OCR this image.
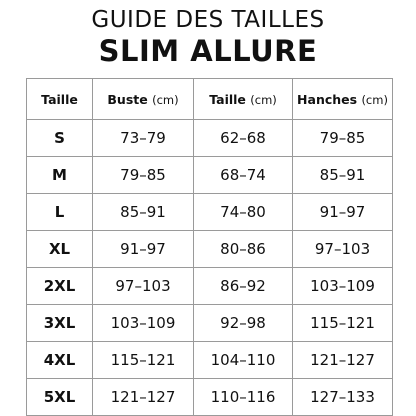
GUIDE DES TAILLES
SLIM ALLURE
Taille	Buste (cm)	Taille (cm)	Hanches (cm)
S	73–79	62–68	79–85
M	79–85	68–74	85–91
L	85–91	74–80	91–97
XL	91–97	80–86	97–103
2XL	97–103	86–92	103–109
3XL	103–109	92–98	115–121
4XL	115–121	104–110	121–127
5XL	121–127	110–116	127–133
